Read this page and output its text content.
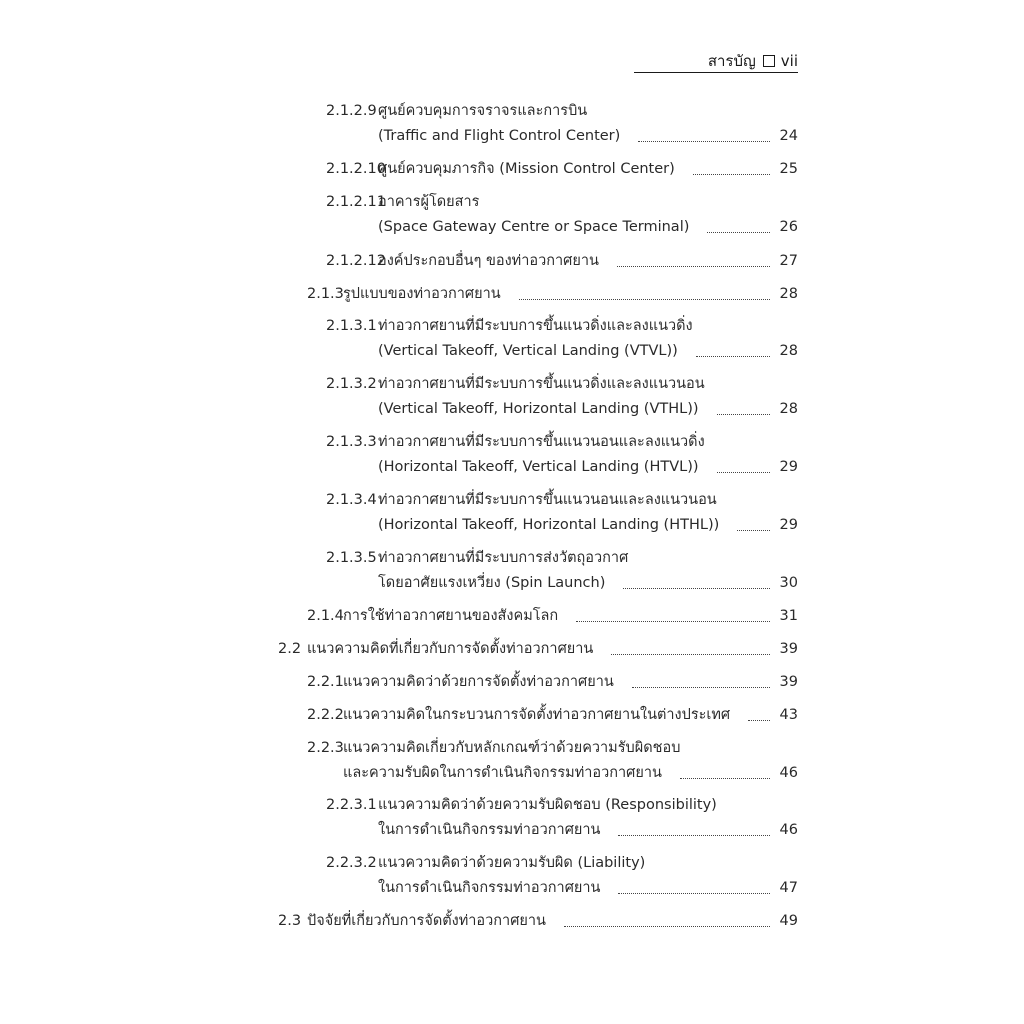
สารบัญ vii
2.1.2.9 ศูนย์ควบคุมการจราจรและการบิน
(Traffic and Flight Control Center)	24
2.1.2.10
ศูนย์ควบคุมภารกิจ (Mission Control Center)	25
2.1.2.11
อาคารผู้โดยสาร
(Space Gateway Centre or Space Terminal)	26
2.1.2.12
องค์ประกอบอื่นๆ ของท่าอวกาศยาน	27
2.1.3 รูปแบบของท่าอวกาศยาน	28
2.1.3.1 ท่าอวกาศยานที่มีระบบการขึ้นแนวดิ่งและลงแนวดิ่ง
(Vertical Takeoff, Vertical Landing (VTVL))	28
2.1.3.2 ท่าอวกาศยานที่มีระบบการขึ้นแนวดิ่งและลงแนวนอน
(Vertical Takeoff, Horizontal Landing (VTHL))	28
2.1.3.3 ท่าอวกาศยานที่มีระบบการขึ้นแนวนอนและลงแนวดิ่ง
(Horizontal Takeoff, Vertical Landing (HTVL))	29
2.1.3.4 ท่าอวกาศยานที่มีระบบการขึ้นแนวนอนและลงแนวนอน
(Horizontal Takeoff, Horizontal Landing (HTHL))	29
2.1.3.5 ท่าอวกาศยานที่มีระบบการส่งวัตถุอวกาศ
โดยอาศัยแรงเหวี่ยง (Spin Launch)	30
2.1.4 การใช้ท่าอวกาศยานของสังคมโลก	31
2.2 แนวความคิดที่เกี่ยวกับการจัดตั้งท่าอวกาศยาน	39
2.2.1 แนวความคิดว่าด้วยการจัดตั้งท่าอวกาศยาน	39
2.2.2 แนวความคิดในกระบวนการจัดตั้งท่าอวกาศยานในต่างประเทศ	43
2.2.3 แนวความคิดเกี่ยวกับหลักเกณฑ์ว่าด้วยความรับผิดชอบ
และความรับผิดในการดำเนินกิจกรรมท่าอวกาศยาน	46
2.2.3.1 แนวความคิดว่าด้วยความรับผิดชอบ (Responsibility)
ในการดำเนินกิจกรรมท่าอวกาศยาน	46
2.2.3.2 แนวความคิดว่าด้วยความรับผิด (Liability)
ในการดำเนินกิจกรรมท่าอวกาศยาน	47
2.3 ปัจจัยที่เกี่ยวกับการจัดตั้งท่าอวกาศยาน	49
